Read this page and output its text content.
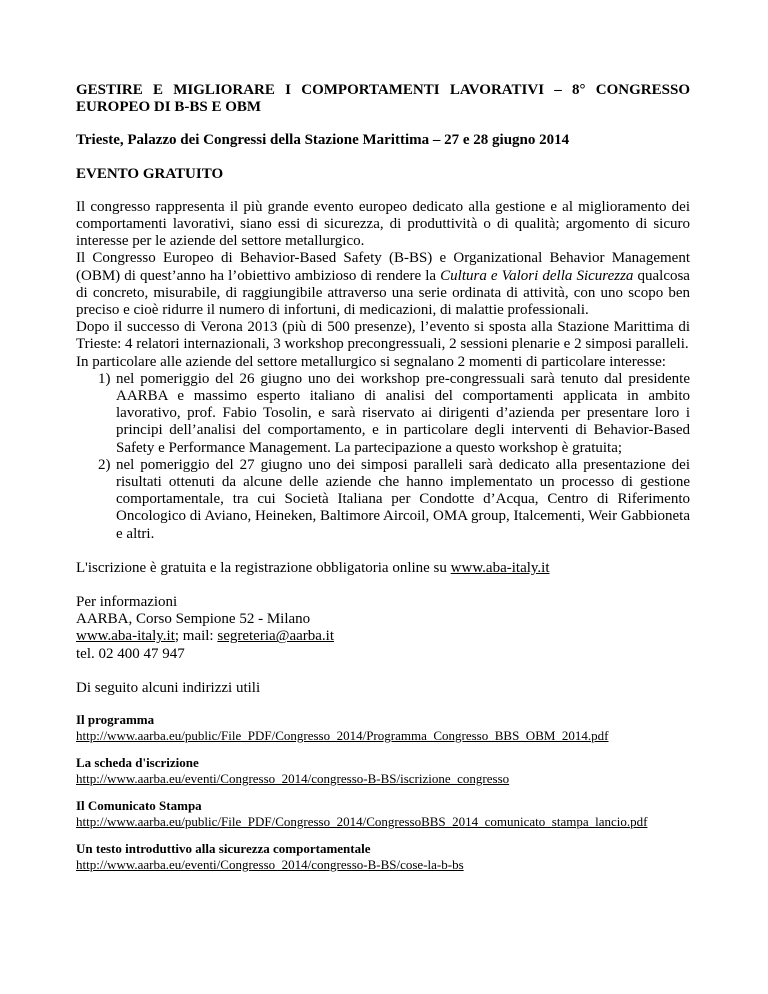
GESTIRE E MIGLIORARE I COMPORTAMENTI LAVORATIVI – 8° CONGRESSO EUROPEO DI B-BS E OBM

Trieste, Palazzo dei Congressi della Stazione Marittima – 27 e 28 giugno 2014

EVENTO GRATUITO

Il congresso rappresenta il più grande evento europeo dedicato alla gestione e al miglioramento dei comportamenti lavorativi, siano essi di sicurezza, di produttività o di qualità; argomento di sicuro interesse per le aziende del settore metallurgico.

Il Congresso Europeo di Behavior-Based Safety (B-BS) e Organizational Behavior Management (OBM) di quest’anno ha l’obiettivo ambizioso di rendere la Cultura e Valori della Sicurezza qualcosa di concreto, misurabile, di raggiungibile attraverso una serie ordinata di attività, con uno scopo ben preciso e cioè ridurre il numero di infortuni, di medicazioni, di malattie professionali.

Dopo il successo di Verona 2013 (più di 500 presenze), l’evento si sposta alla Stazione Marittima di Trieste: 4 relatori internazionali, 3 workshop precongressuali, 2 sessioni plenarie e 2 simposi paralleli.

In particolare alle aziende del settore metallurgico si segnalano 2 momenti di particolare interesse:

1) nel pomeriggio del 26 giugno uno dei workshop pre-congressuali sarà tenuto dal presidente AARBA e massimo esperto italiano di analisi del comportamenti applicata in ambito lavorativo, prof. Fabio Tosolin, e sarà riservato ai dirigenti d’azienda per presentare loro i principi dell’analisi del comportamento, e in particolare degli interventi di Behavior-Based Safety e Performance Management. La partecipazione a questo workshop è gratuita;
2) nel pomeriggio del 27 giugno uno dei simposi paralleli sarà dedicato alla presentazione dei risultati ottenuti da alcune delle aziende che hanno implementato un processo di gestione comportamentale, tra cui Società Italiana per Condotte d’Acqua, Centro di Riferimento Oncologico di Aviano, Heineken, Baltimore Aircoil, OMA group, Italcementi, Weir Gabbioneta e altri.

L'iscrizione è gratuita e la registrazione obbligatoria online su www.aba-italy.it

Per informazioni
AARBA, Corso Sempione 52 - Milano
www.aba-italy.it; mail: segreteria@aarba.it
tel. 02 400 47 947

Di seguito alcuni indirizzi utili

Il programma
http://www.aarba.eu/public/File_PDF/Congresso_2014/Programma_Congresso_BBS_OBM_2014.pdf
La scheda d'iscrizione
http://www.aarba.eu/eventi/Congresso_2014/congresso-B-BS/iscrizione_congresso
Il Comunicato Stampa
http://www.aarba.eu/public/File_PDF/Congresso_2014/CongressoBBS_2014_comunicato_stampa_lancio.pdf
Un testo introduttivo alla sicurezza comportamentale
http://www.aarba.eu/eventi/Congresso_2014/congresso-B-BS/cose-la-b-bs
